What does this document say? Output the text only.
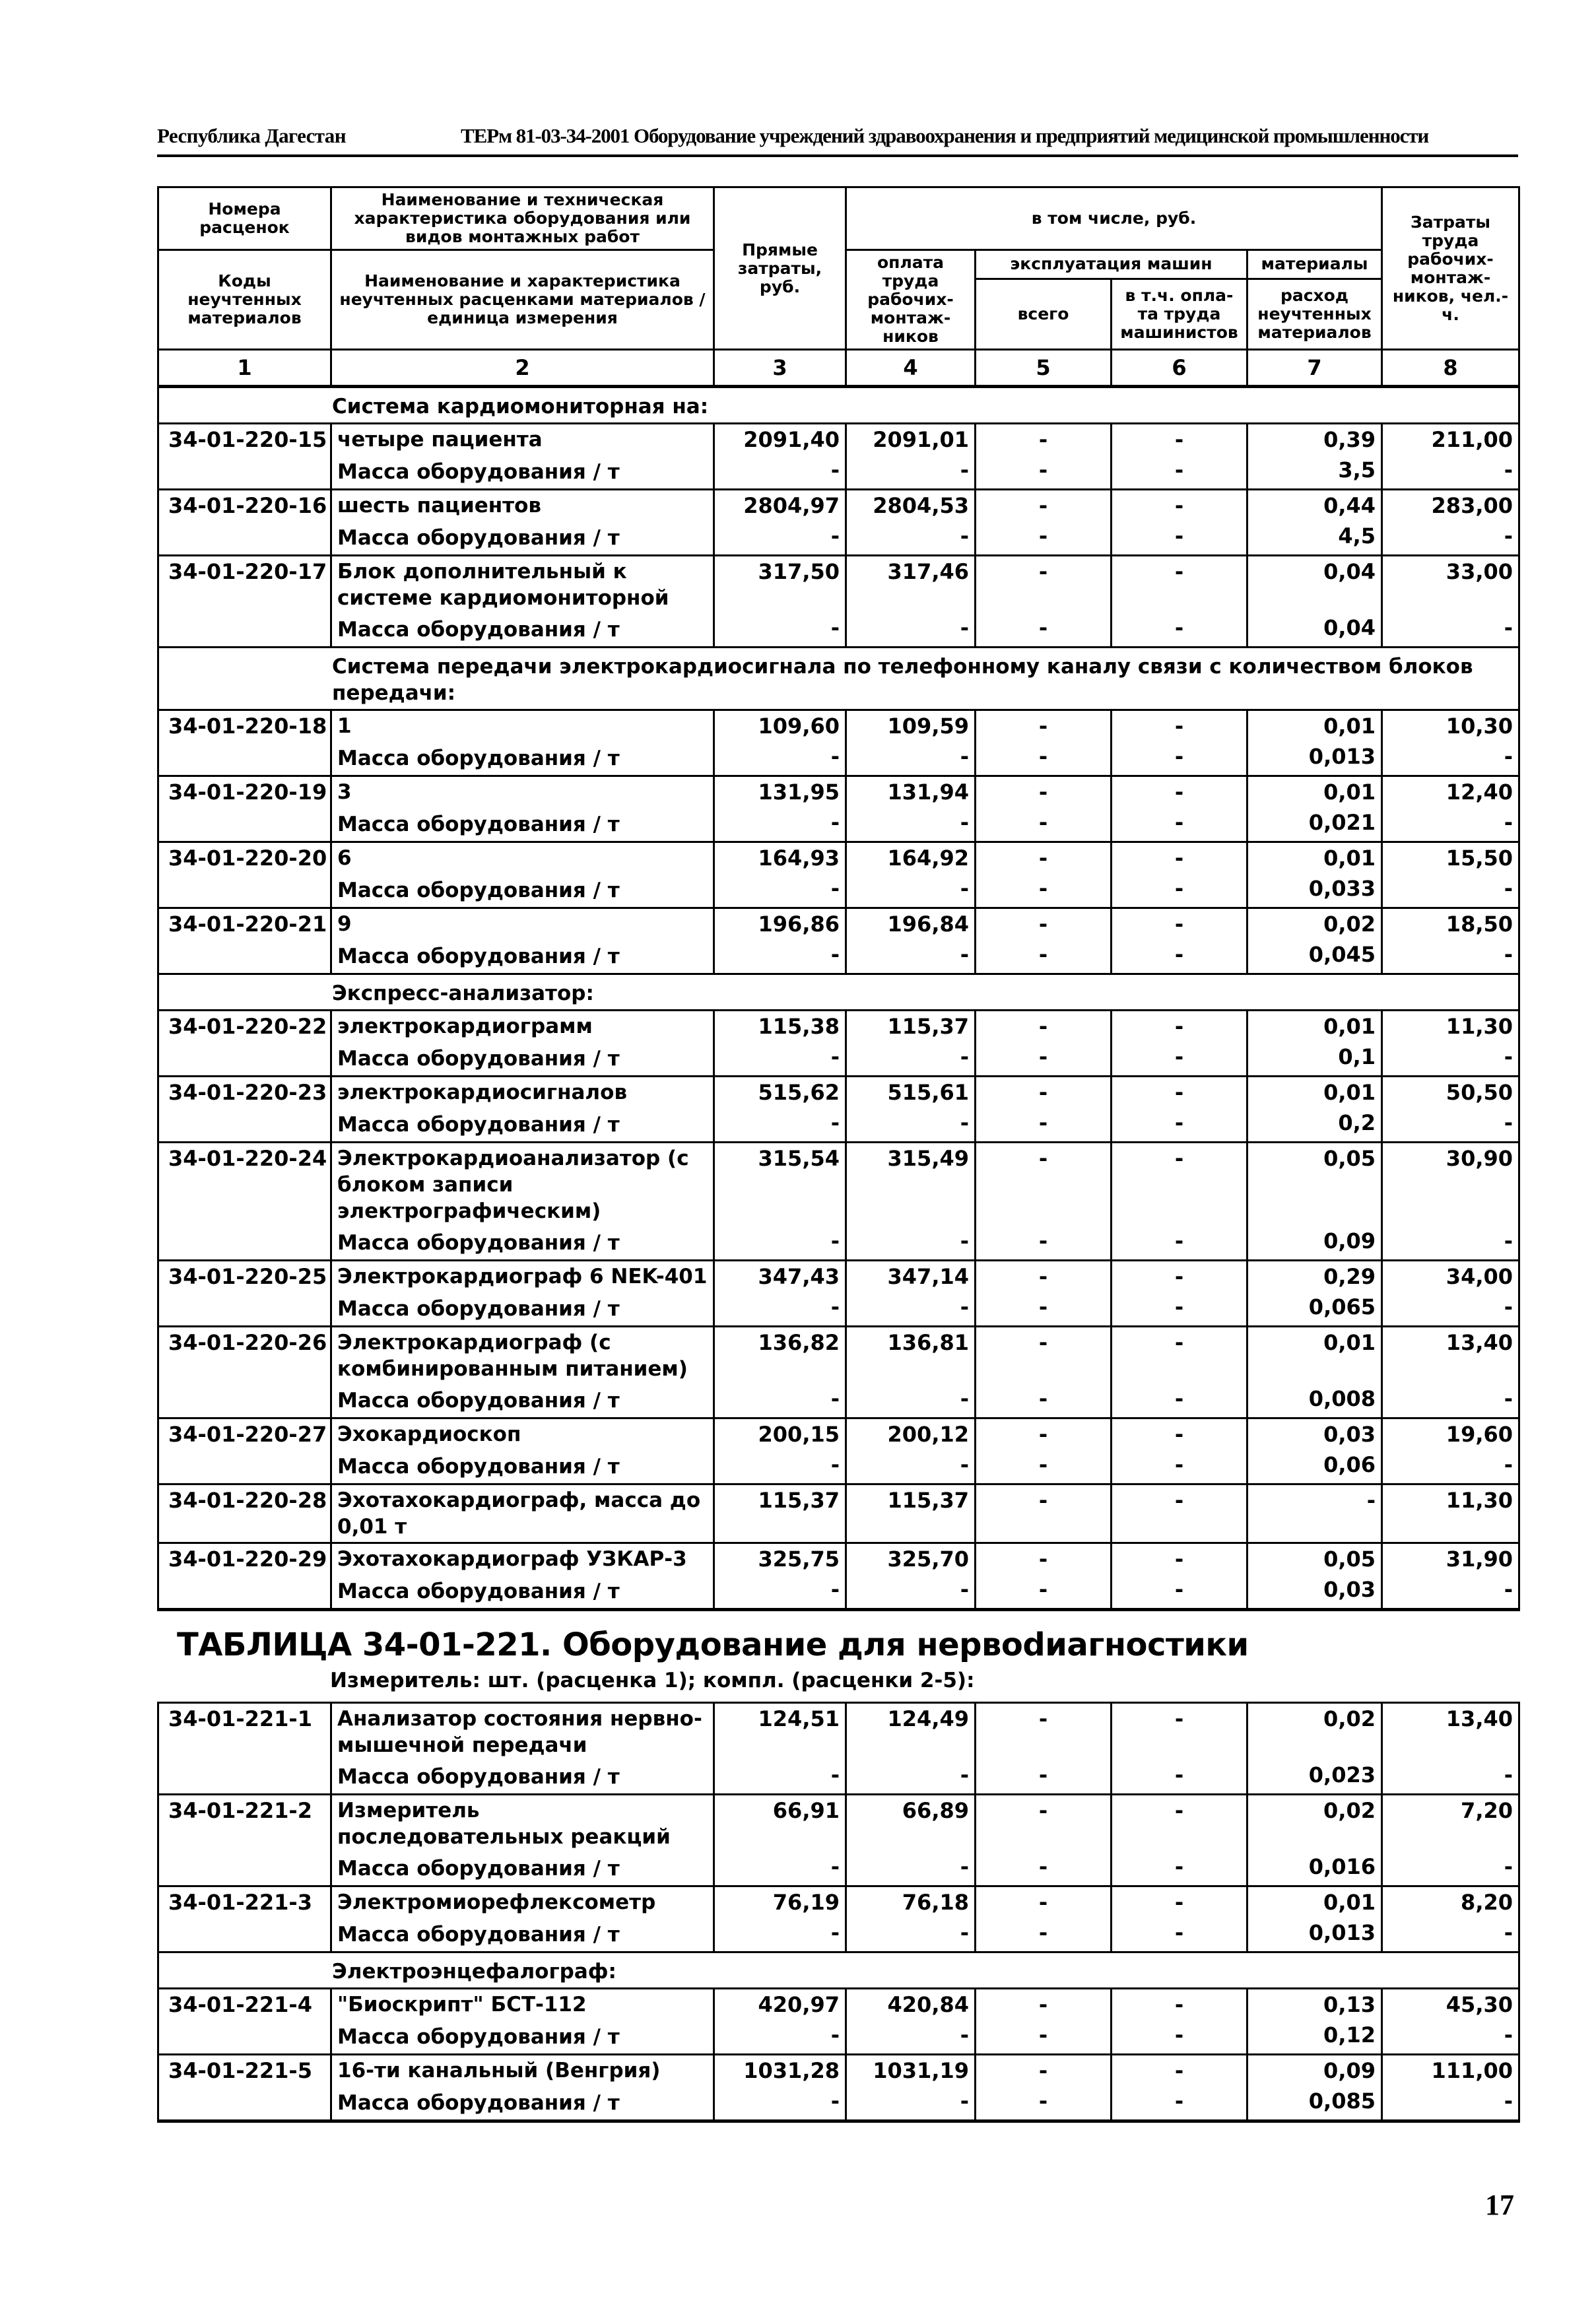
Республика Дагестан	ТЕРм 81-03-34-2001 Оборудование учреждений здравоохранения и предприятий медицинской промышленности
Номера расценок	Наименование и техническая характеристика оборудования или видов монтажных работ	Прямые затраты, руб.	в том числе, руб.				Затраты труда рабочих-монтаж-ников, чел.-ч.
Коды неучтенных материалов	Наименование и характеристика неучтенных расценками материалов / единица измерения		оплата труда рабочих-монтаж-ников	эксплуатация машин		материалы	
				всего	в т.ч. опла-та труда машинистов	расход неучтенных материалов	
1	2	3	4	5	6	7	8
Система кардиомониторная на:							
34-01-220-15	четыре пациента	2091,40	2091,01	-	-	0,39	211,00
	Масса оборудования / т	-	-	-	-	3,5	-
34-01-220-16	шесть пациентов	2804,97	2804,53	-	-	0,44	283,00
	Масса оборудования / т	-	-	-	-	4,5	-
34-01-220-17	Блок дополнительный к системе кардиомониторной	317,50	317,46	-	-	0,04	33,00
	Масса оборудования / т	-	-	-	-	0,04	-
Система передачи электрокардиосигнала по телефонному каналу связи с количеством блоков передачи:							
34-01-220-18	1	109,60	109,59	-	-	0,01	10,30
	Масса оборудования / т	-	-	-	-	0,013	-
34-01-220-19	3	131,95	131,94	-	-	0,01	12,40
	Масса оборудования / т	-	-	-	-	0,021	-
34-01-220-20	6	164,93	164,92	-	-	0,01	15,50
	Масса оборудования / т	-	-	-	-	0,033	-
34-01-220-21	9	196,86	196,84	-	-	0,02	18,50
	Масса оборудования / т	-	-	-	-	0,045	-
Экспресс-анализатор:							
34-01-220-22	электрокардиограмм	115,38	115,37	-	-	0,01	11,30
	Масса оборудования / т	-	-	-	-	0,1	-
34-01-220-23	электрокардиосигналов	515,62	515,61	-	-	0,01	50,50
	Масса оборудования / т	-	-	-	-	0,2	-
34-01-220-24	Электрокардиоанализатор (с блоком записи электрографическим)	315,54	315,49	-	-	0,05	30,90
	Масса оборудования / т	-	-	-	-	0,09	-
34-01-220-25	Электрокардиограф 6 NEK-401	347,43	347,14	-	-	0,29	34,00
	Масса оборудования / т	-	-	-	-	0,065	-
34-01-220-26	Электрокардиограф (с комбинированным питанием)	136,82	136,81	-	-	0,01	13,40
	Масса оборудования / т	-	-	-	-	0,008	-
34-01-220-27	Эхокардиоскоп	200,15	200,12	-	-	0,03	19,60
	Масса оборудования / т	-	-	-	-	0,06	-
34-01-220-28	Эхотахокардиограф, масса до 0,01 т	115,37	115,37	-	-	-	11,30
34-01-220-29	Эхотахокардиограф УЗКАР-3	325,75	325,70	-	-	0,05	31,90
	Масса оборудования / т	-	-	-	-	0,03	-
ТАБЛИЦА 34-01-221. Оборудование для нервodиагностики
Измеритель: шт. (расценка 1); компл. (расценки 2-5):
34-01-221-1	Анализатор состояния нервно-мышечной передачи	124,51	124,49	-	-	0,02	13,40
	Масса оборудования / т	-	-	-	-	0,023	-
34-01-221-2	Измеритель последовательных реакций	66,91	66,89	-	-	0,02	7,20
	Масса оборудования / т	-	-	-	-	0,016	-
34-01-221-3	Электромиорефлексометр	76,19	76,18	-	-	0,01	8,20
	Масса оборудования / т	-	-	-	-	0,013	-
Электроэнцефалограф:							
34-01-221-4	"Биоскрипт" БСТ-112	420,97	420,84	-	-	0,13	45,30
	Масса оборудования / т	-	-	-	-	0,12	-
34-01-221-5	16-ти канальный (Венгрия)	1031,28	1031,19	-	-	0,09	111,00
	Масса оборудования / т	-	-	-	-	0,085	-
17
